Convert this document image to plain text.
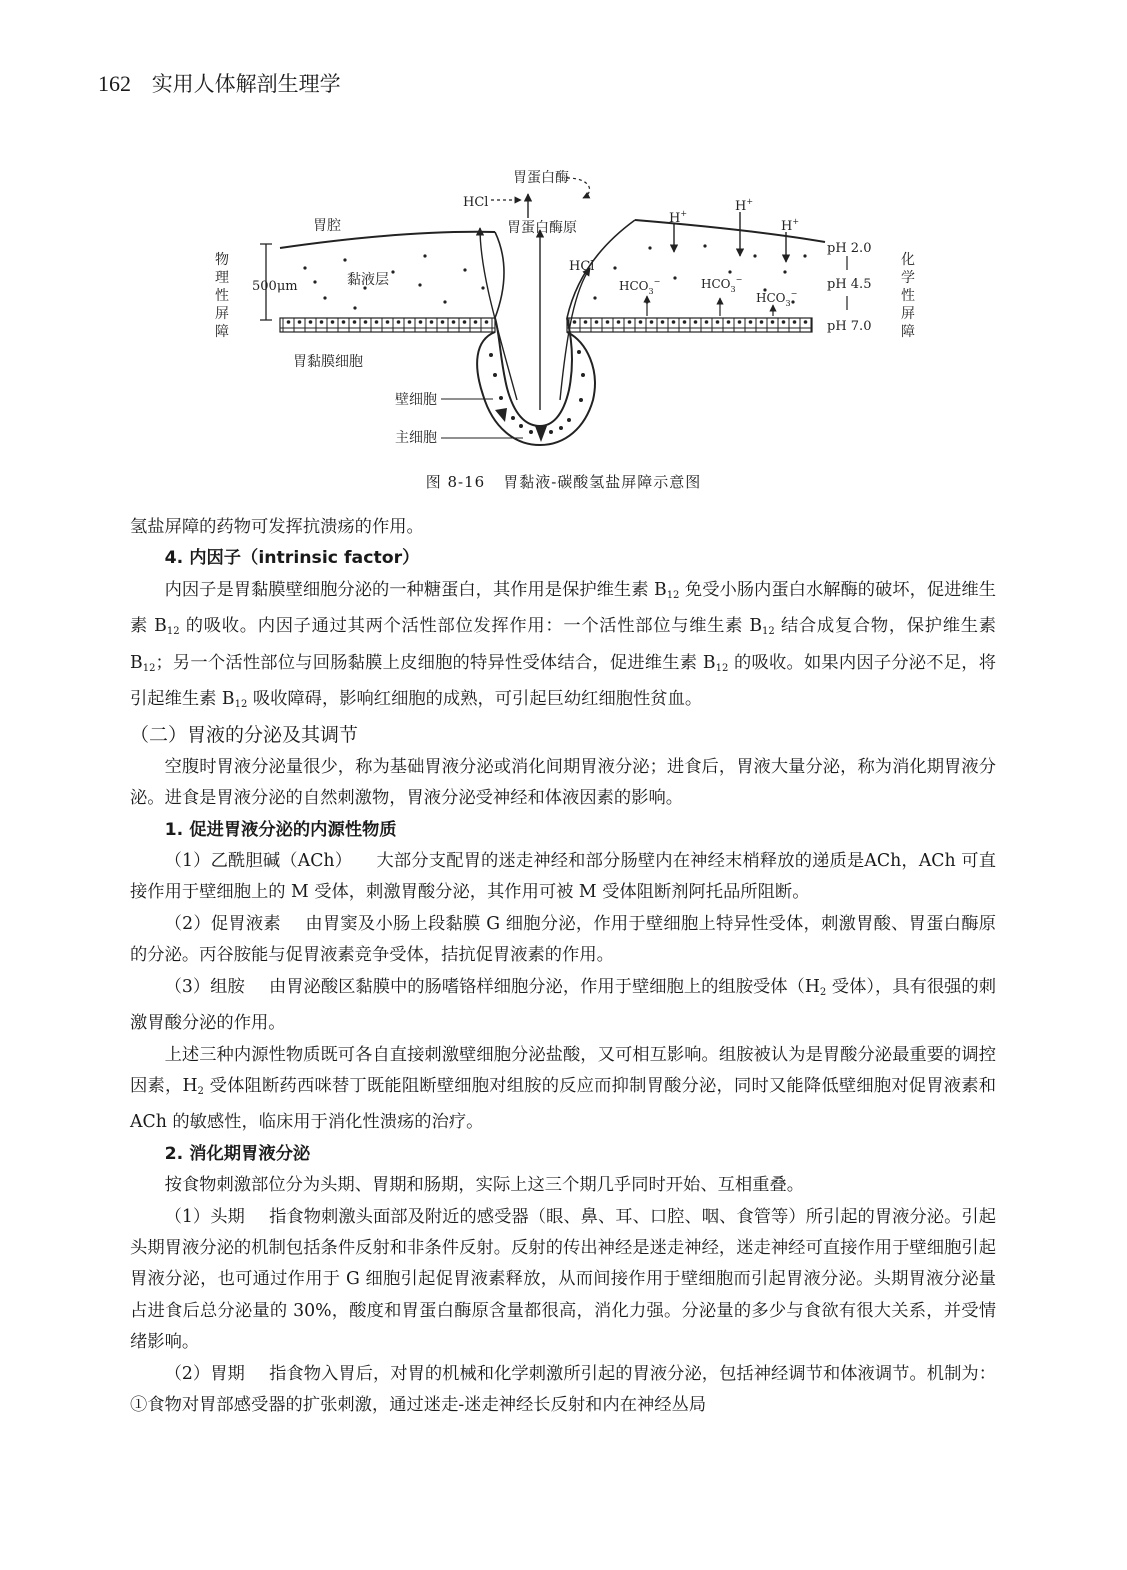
162 实用人体解剖生理学
胃蛋白酶
HCl
胃蛋白酶原
胃腔	H+	H+
H+
HCl
黏液层
500μm	$HCO_3^-$	$HCO_3^-$
$HCO_3^-$
pH 2.0
pH 4.5
pH 7.0
物
理
性
屏
障
化
学
性
屏
障
胃黏膜细胞
壁细胞
主细胞
图 8-16 胃黏液-碳酸氢盐屏障示意图

氢盐屏障的药物可发挥抗溃疡的作用。

4. 内因子（intrinsic factor）

内因子是胃黏膜壁细胞分泌的一种糖蛋白，其作用是保护维生素 $B_{12}$ 免受小肠内蛋白水解酶的破坏，促进维生素 $B_{12}$ 的吸收。内因子通过其两个活性部位发挥作用：一个活性部位与维生素 $B_{12}$ 结合成复合物，保护维生素 $B_{12}$；另一个活性部位与回肠黏膜上皮细胞的特异性受体结合，促进维生素 $B_{12}$ 的吸收。如果内因子分泌不足，将引起维生素 $B_{12}$ 吸收障碍，影响红细胞的成熟，可引起巨幼红细胞性贫血。

（二）胃液的分泌及其调节

空腹时胃液分泌量很少，称为基础胃液分泌或消化间期胃液分泌；进食后，胃液大量分泌，称为消化期胃液分泌。进食是胃液分泌的自然刺激物，胃液分泌受神经和体液因素的影响。

1. 促进胃液分泌的内源性物质

（1）乙酰胆碱（ACh） 大部分支配胃的迷走神经和部分肠壁内在神经末梢释放的递质是ACh，ACh 可直接作用于壁细胞上的 M 受体，刺激胃酸分泌，其作用可被 M 受体阻断剂阿托品所阻断。

（2）促胃液素 由胃窦及小肠上段黏膜 G 细胞分泌，作用于壁细胞上特异性受体，刺激胃酸、胃蛋白酶原的分泌。丙谷胺能与促胃液素竞争受体，拮抗促胃液素的作用。

（3）组胺 由胃泌酸区黏膜中的肠嗜铬样细胞分泌，作用于壁细胞上的组胺受体（$H_2$ 受体），具有很强的刺激胃酸分泌的作用。

上述三种内源性物质既可各自直接刺激壁细胞分泌盐酸，又可相互影响。组胺被认为是胃酸分泌最重要的调控因素，$H_2$ 受体阻断药西咪替丁既能阻断壁细胞对组胺的反应而抑制胃酸分泌，同时又能降低壁细胞对促胃液素和 ACh 的敏感性，临床用于消化性溃疡的治疗。

2. 消化期胃液分泌

按食物刺激部位分为头期、胃期和肠期，实际上这三个期几乎同时开始、互相重叠。

（1）头期 指食物刺激头面部及附近的感受器（眼、鼻、耳、口腔、咽、食管等）所引起的胃液分泌。引起头期胃液分泌的机制包括条件反射和非条件反射。反射的传出神经是迷走神经，迷走神经可直接作用于壁细胞引起胃液分泌，也可通过作用于 G 细胞引起促胃液素释放，从而间接作用于壁细胞而引起胃液分泌。头期胃液分泌量占进食后总分泌量的 30%，酸度和胃蛋白酶原含量都很高，消化力强。分泌量的多少与食欲有很大关系，并受情绪影响。

（2）胃期 指食物入胃后，对胃的机械和化学刺激所引起的胃液分泌，包括神经调节和体液调节。机制为：①食物对胃部感受器的扩张刺激，通过迷走-迷走神经长反射和内在神经丛局
